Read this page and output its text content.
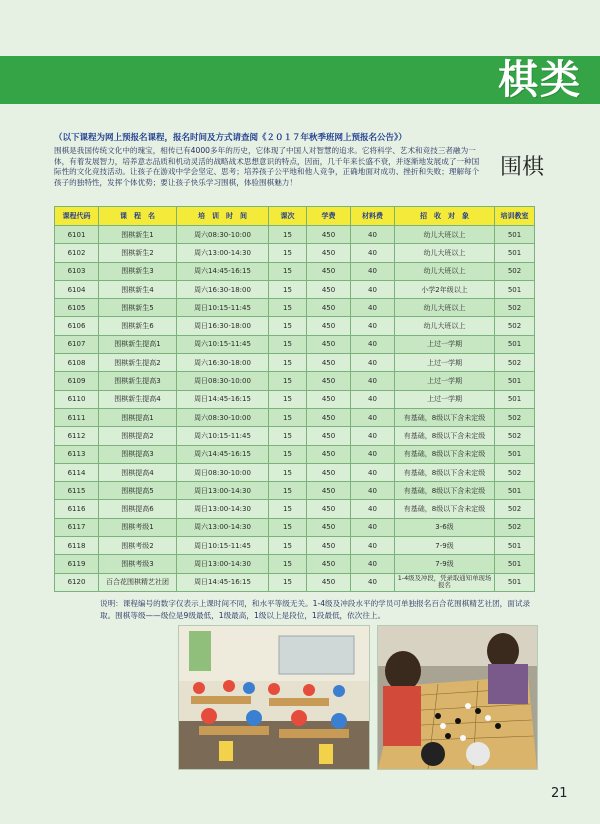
棋类
（以下课程为网上预报名课程，报名时间及方式请查阅《２０１７年秋季班网上预报名公告》）
围棋是我国传统文化中的瑰宝，相传已有4000多年的历史，它体现了中国人对智慧的追求。它将科学、艺术和竞技三者融为一体，有着发展智力，培养意志品质和机动灵活的战略战术思想意识的特点，因而，几千年来长盛不衰，并逐渐地发展成了一种国际性的文化竞技活动。让孩子在游戏中学会坚定、思考；培养孩子公平地和他人竞争，正确地面对成功、挫折和失败；理解每个孩子的独特性，发挥个体优势；要让孩子快乐学习围棋，体验围棋魅力！
围棋
课程代码	课　程　名	培　训　时　间	课次	学费	材料费	招　收　对　象	培训教室
6101	围棋新生1	周六08:30-10:00	15	450	40	幼儿大班以上	501
6102	围棋新生2	周六13:00-14:30	15	450	40	幼儿大班以上	501
6103	围棋新生3	周六14:45-16:15	15	450	40	幼儿大班以上	502
6104	围棋新生4	周六16:30-18:00	15	450	40	小学2年级以上	501
6105	围棋新生5	周日10:15-11:45	15	450	40	幼儿大班以上	502
6106	围棋新生6	周日16:30-18:00	15	450	40	幼儿大班以上	502
6107	围棋新生提高1	周六10:15-11:45	15	450	40	上过一学期	501
6108	围棋新生提高2	周六16:30-18:00	15	450	40	上过一学期	502
6109	围棋新生提高3	周日08:30-10:00	15	450	40	上过一学期	501
6110	围棋新生提高4	周日14:45-16:15	15	450	40	上过一学期	501
6111	围棋提高1	周六08:30-10:00	15	450	40	有基础，8级以下含未定级	502
6112	围棋提高2	周六10:15-11:45	15	450	40	有基础，8级以下含未定级	502
6113	围棋提高3	周六14:45-16:15	15	450	40	有基础，8级以下含未定级	501
6114	围棋提高4	周日08:30-10:00	15	450	40	有基础，8级以下含未定级	502
6115	围棋提高5	周日13:00-14:30	15	450	40	有基础，8级以下含未定级	501
6116	围棋提高6	周日13:00-14:30	15	450	40	有基础，8级以下含未定级	502
6117	围棋考级1	周六13:00-14:30	15	450	40	3-6级	502
6118	围棋考级2	周日10:15-11:45	15	450	40	7-9级	501
6119	围棋考级3	周日13:00-14:30	15	450	40	7-9级	501
6120	百合花围棋精艺社团	周日14:45-16:15	15	450	40	1-4级及冲段，凭录取通知单现场报名	501
说明：课程编号的数字仅表示上课时间不同，和水平等级无关。1-4级及冲段水平的学员可单独报名百合花围棋精艺社团，面试录取。围棋等级——级位是9级最低，1级最高，1级以上是段位，1段最低，依次往上。
21
